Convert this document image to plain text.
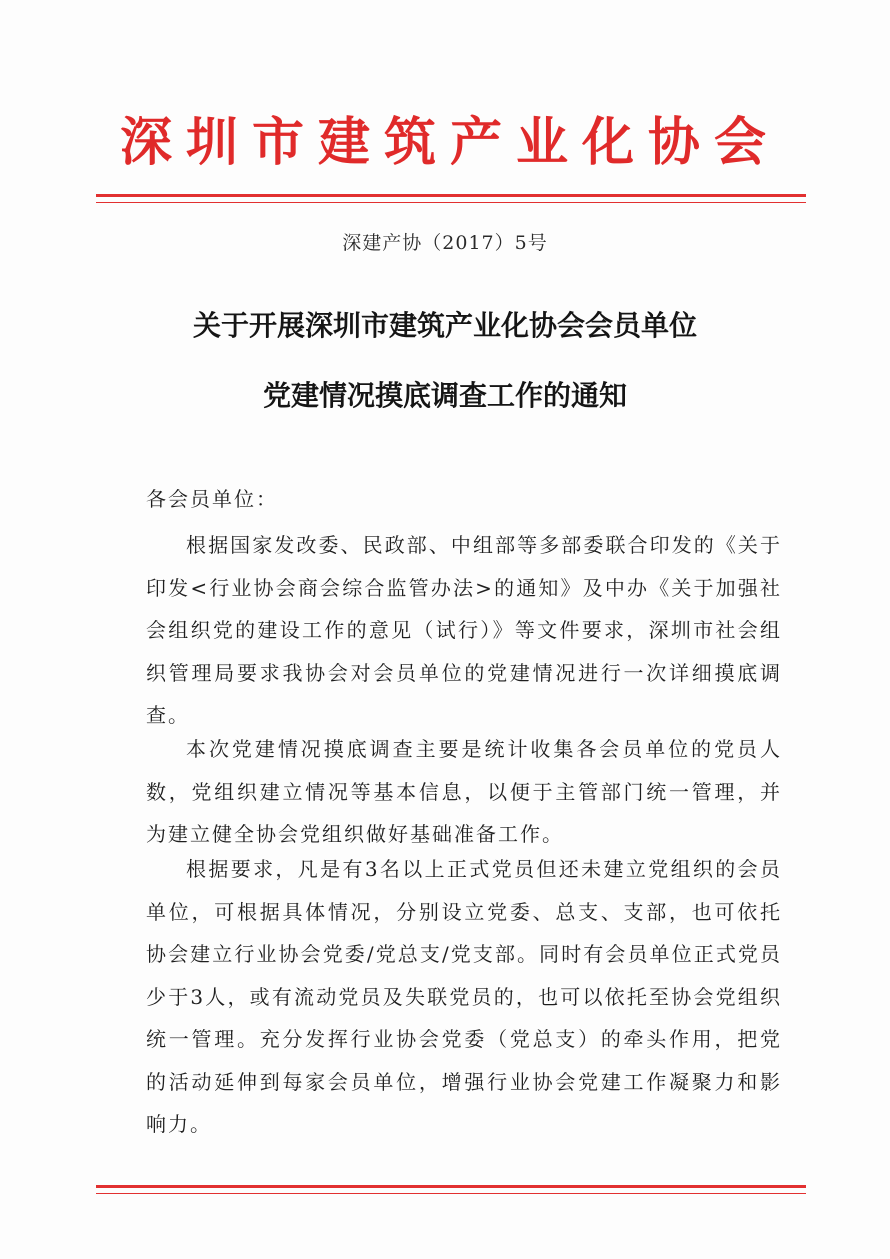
深圳市建筑产业化协会
深建产协（2017）5号
关于开展深圳市建筑产业化协会会员单位
党建情况摸底调查工作的通知
各会员单位：

根据国家发改委、民政部、中组部等多部委联合印发的《关于印发<行业协会商会综合监管办法>的通知》及中办《关于加强社会组织党的建设工作的意见（试行）》等文件要求，深圳市社会组织管理局要求我协会对会员单位的党建情况进行一次详细摸底调查。

本次党建情况摸底调查主要是统计收集各会员单位的党员人数，党组织建立情况等基本信息，以便于主管部门统一管理，并为建立健全协会党组织做好基础准备工作。

根据要求，凡是有3名以上正式党员但还未建立党组织的会员单位，可根据具体情况，分别设立党委、总支、支部，也可依托协会建立行业协会党委/党总支/党支部。同时有会员单位正式党员少于3人，或有流动党员及失联党员的，也可以依托至协会党组织统一管理。充分发挥行业协会党委（党总支）的牵头作用，把党的活动延伸到每家会员单位，增强行业协会党建工作凝聚力和影响力。
